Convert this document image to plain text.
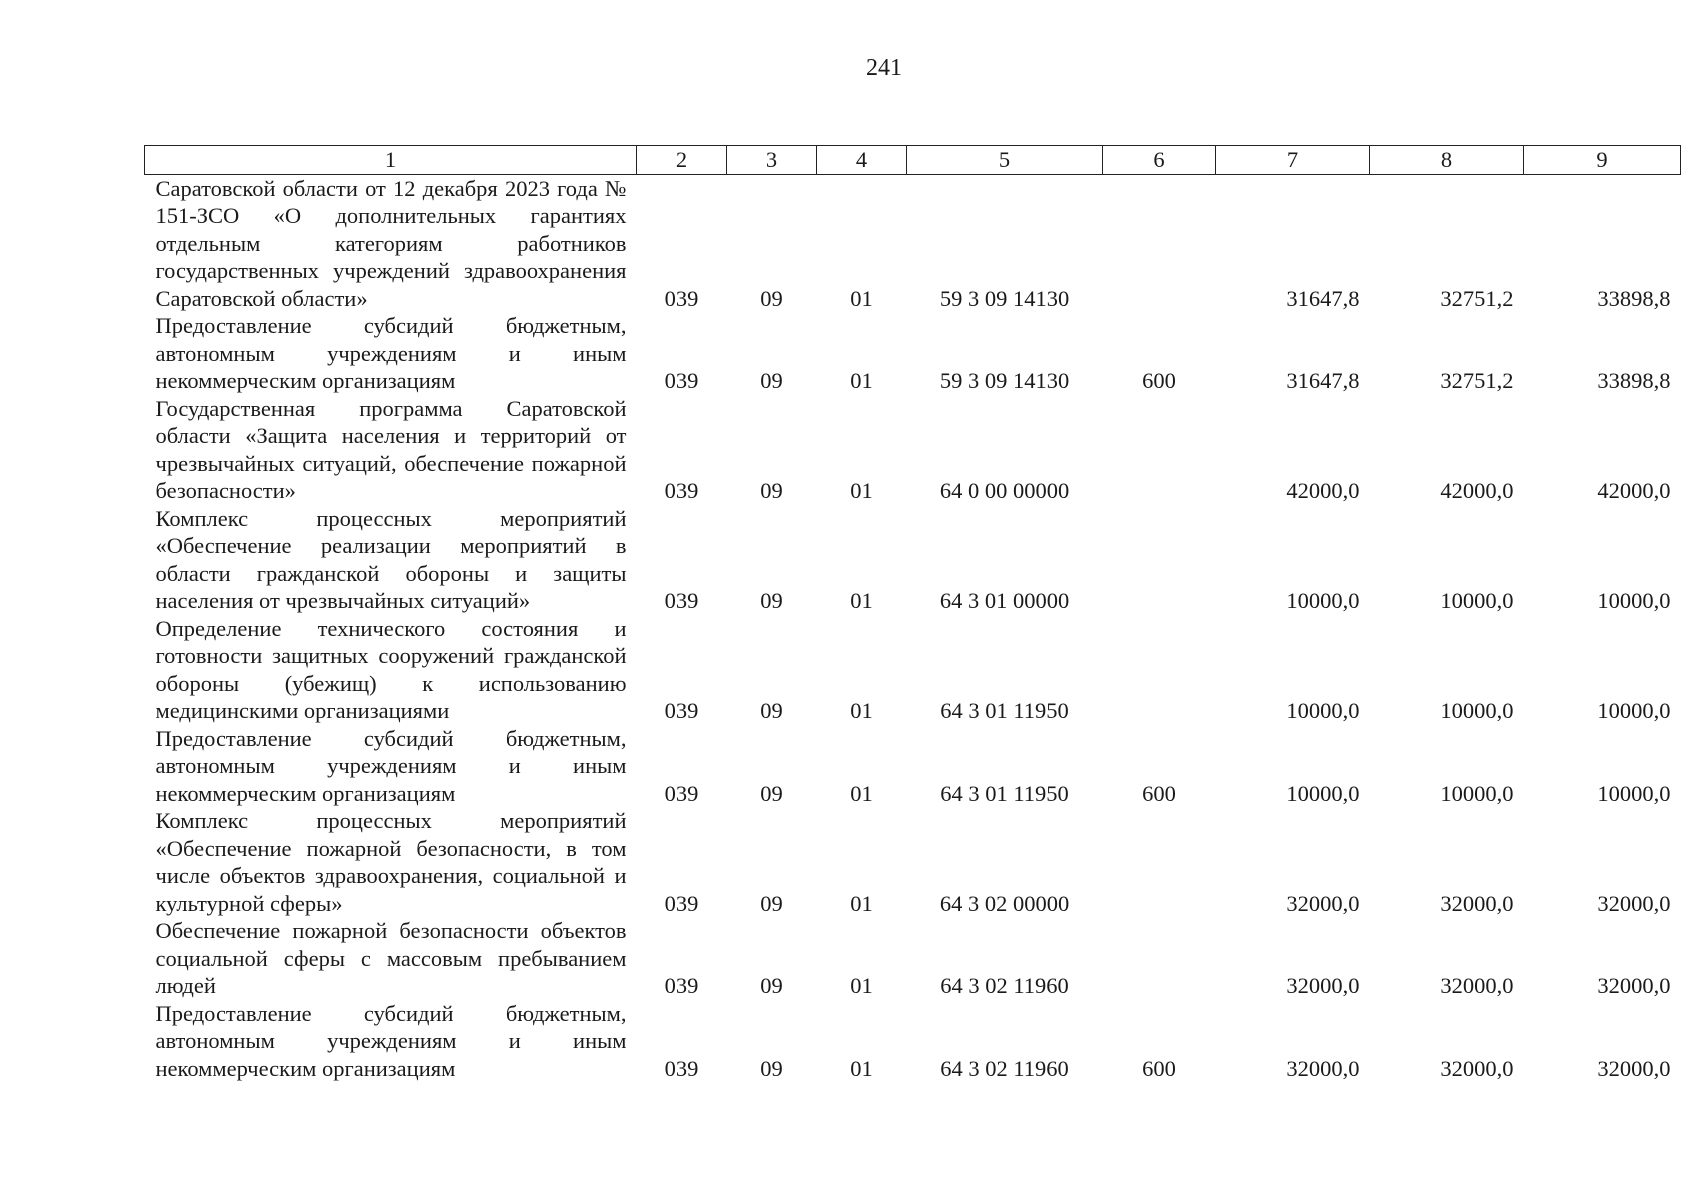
241
1	2	3	4	5	6	7	8	9
Саратовской области от 12 декабря 2023 года № 151-ЗСО «О дополнительных гарантиях отдельным категориям работников государственных учреждений здравоохранения Саратовской области»	039	09	01	59 3 09 14130		31647,8	32751,2	33898,8
Предоставление субсидий бюджетным, автономным учреждениям и иным некоммерческим организациям	039	09	01	59 3 09 14130	600	31647,8	32751,2	33898,8
Государственная программа Саратовской области «Защита населения и территорий от чрезвычайных ситуаций, обеспечение пожарной безопасности»	039	09	01	64 0 00 00000		42000,0	42000,0	42000,0
Комплекс процессных мероприятий «Обеспечение реализации мероприятий в области гражданской обороны и защиты населения от чрезвычайных ситуаций»	039	09	01	64 3 01 00000		10000,0	10000,0	10000,0
Определение технического состояния и готовности защитных сооружений гражданской обороны (убежищ) к использованию медицинскими организациями	039	09	01	64 3 01 11950		10000,0	10000,0	10000,0
Предоставление субсидий бюджетным, автономным учреждениям и иным некоммерческим организациям	039	09	01	64 3 01 11950	600	10000,0	10000,0	10000,0
Комплекс процессных мероприятий «Обеспечение пожарной безопасности, в том числе объектов здравоохранения, социальной и культурной сферы»	039	09	01	64 3 02 00000		32000,0	32000,0	32000,0
Обеспечение пожарной безопасности объектов социальной сферы с массовым пребыванием людей	039	09	01	64 3 02 11960		32000,0	32000,0	32000,0
Предоставление субсидий бюджетным, автономным учреждениям и иным некоммерческим организациям	039	09	01	64 3 02 11960	600	32000,0	32000,0	32000,0
